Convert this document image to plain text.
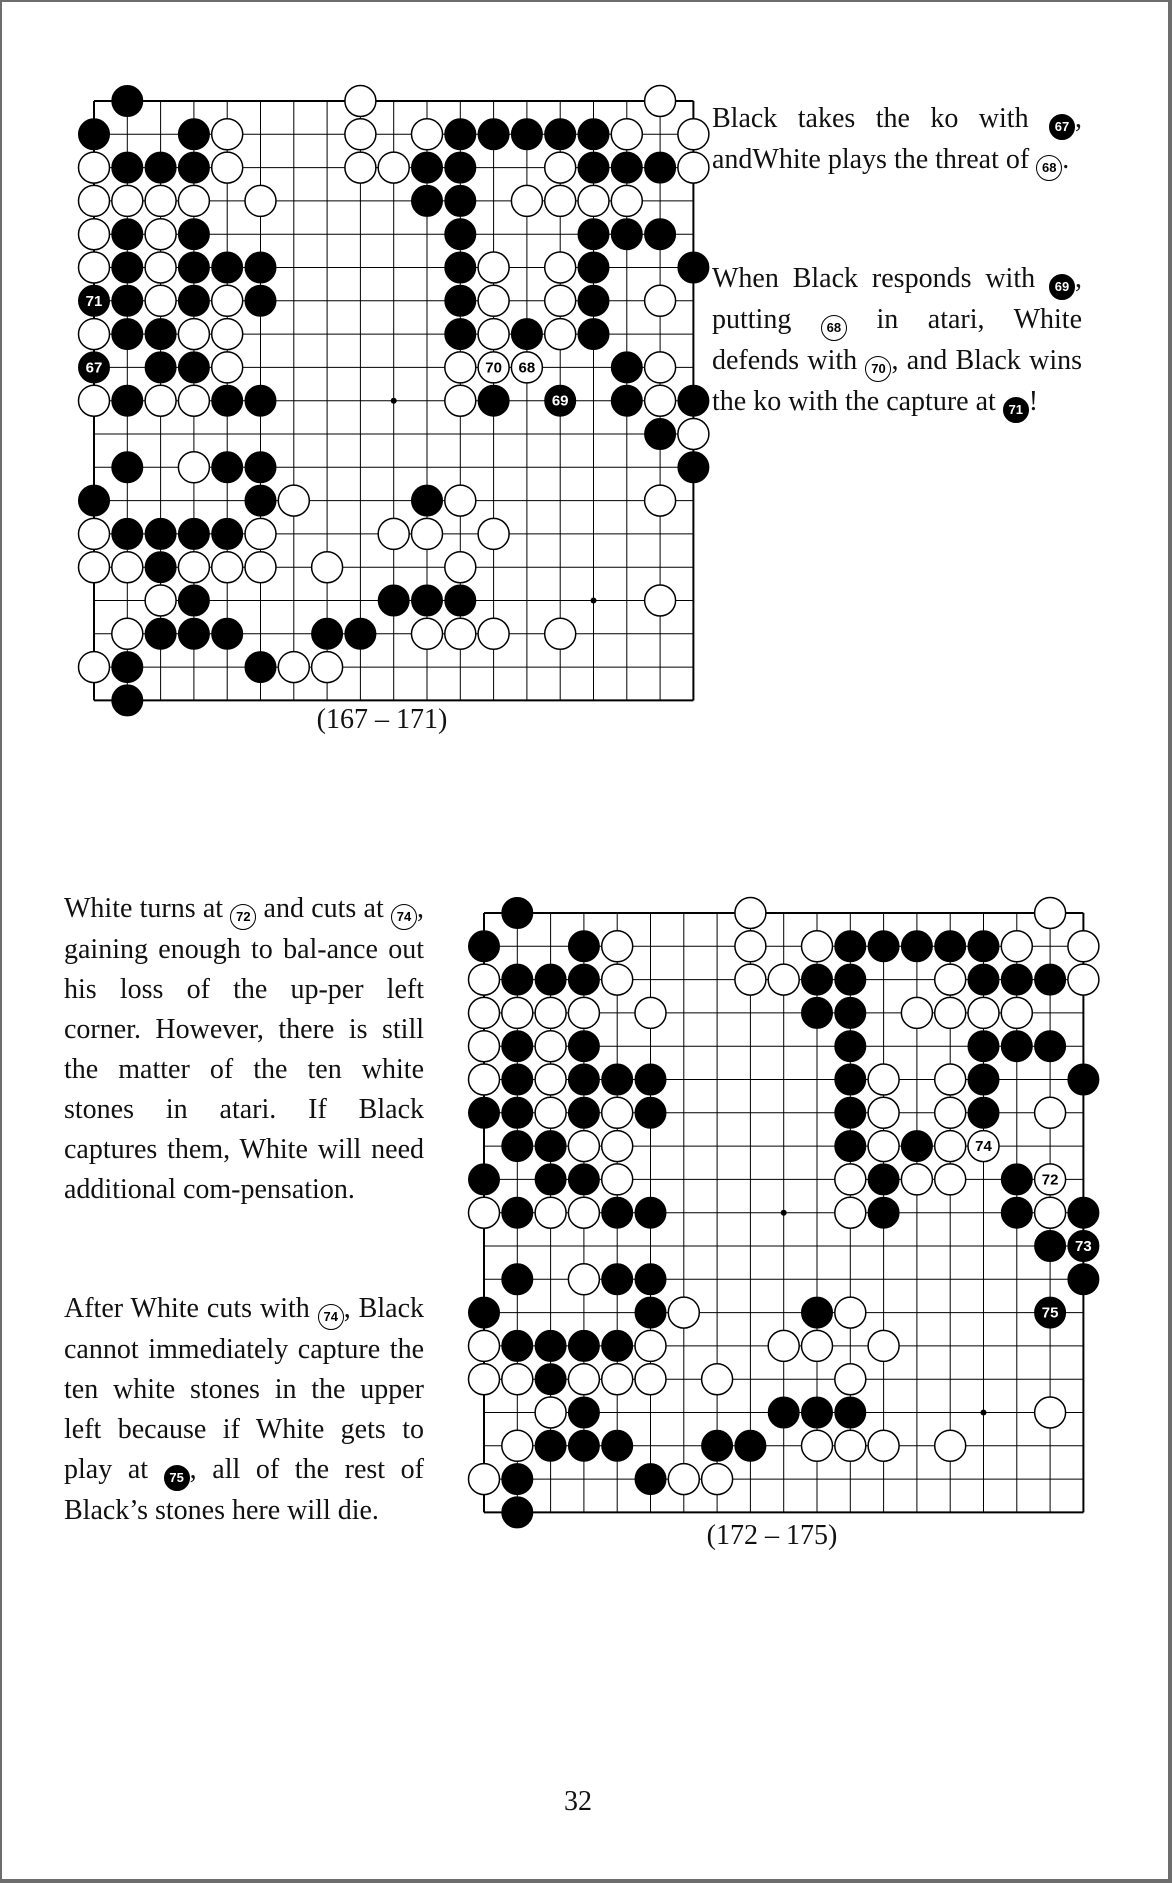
71
67	68
70
69
(167 – 171)

Black takes the ko with 67 , andWhite plays the threat of 68 .

When Black responds with 69 , putting 68 in atari, White defends with 70 , and Black wins the ko with the capture at 71 !

74
72
73
75
(172 – 175)

White turns at 72 and cuts at 74 , gaining enough to bal-ance out his loss of the up-per left corner. However, there is still the matter of the ten white stones in atari. If Black captures them, White will need additional com-pensation.

After White cuts with 74 , Black cannot immediately capture the ten white stones in the upper left because if White gets to play at 75 , all of the rest of Black’s stones here will die.

32
